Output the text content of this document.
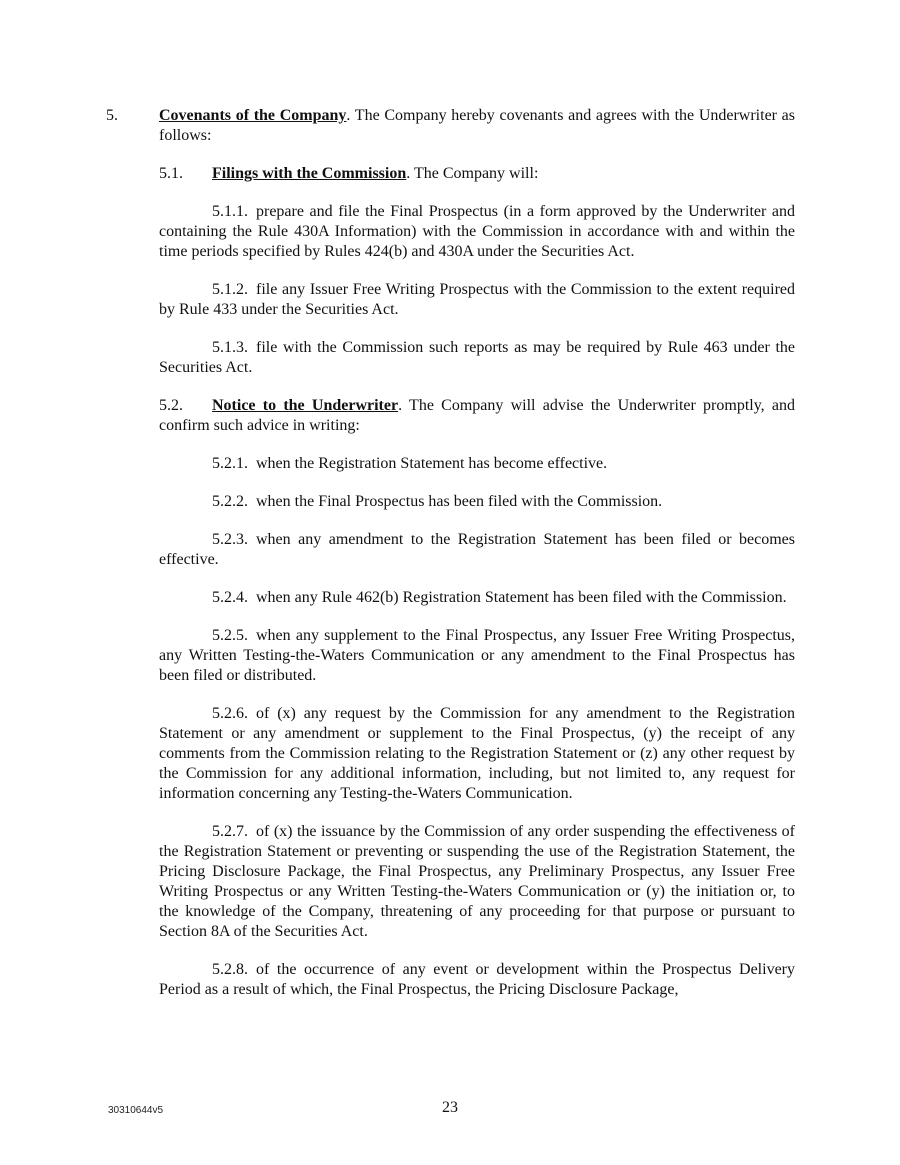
5.	Covenants of the Company. The Company hereby covenants and agrees with the Underwriter as follows:

5.1. Filings with the Commission. The Company will:

5.1.1. prepare and file the Final Prospectus (in a form approved by the Underwriter and containing the Rule 430A Information) with the Commission in accordance with and within the time periods specified by Rules 424(b) and 430A under the Securities Act.

5.1.2. file any Issuer Free Writing Prospectus with the Commission to the extent required by Rule 433 under the Securities Act.

5.1.3. file with the Commission such reports as may be required by Rule 463 under the Securities Act.

5.2. Notice to the Underwriter. The Company will advise the Underwriter promptly, and confirm such advice in writing:

5.2.1. when the Registration Statement has become effective.

5.2.2. when the Final Prospectus has been filed with the Commission.

5.2.3. when any amendment to the Registration Statement has been filed or becomes effective.

5.2.4. when any Rule 462(b) Registration Statement has been filed with the Commission.

5.2.5. when any supplement to the Final Prospectus, any Issuer Free Writing Prospectus, any Written Testing-the-Waters Communication or any amendment to the Final Prospectus has been filed or distributed.

5.2.6. of (x) any request by the Commission for any amendment to the Registration Statement or any amendment or supplement to the Final Prospectus, (y) the receipt of any comments from the Commission relating to the Registration Statement or (z) any other request by the Commission for any additional information, including, but not limited to, any request for information concerning any Testing-the-Waters Communication.

5.2.7. of (x) the issuance by the Commission of any order suspending the effectiveness of the Registration Statement or preventing or suspending the use of the Registration Statement, the Pricing Disclosure Package, the Final Prospectus, any Preliminary Prospectus, any Issuer Free Writing Prospectus or any Written Testing-the-Waters Communication or (y) the initiation or, to the knowledge of the Company, threatening of any proceeding for that purpose or pursuant to Section 8A of the Securities Act.

5.2.8. of the occurrence of any event or development within the Prospectus Delivery Period as a result of which, the Final Prospectus, the Pricing Disclosure Package,

30310644v5	23
